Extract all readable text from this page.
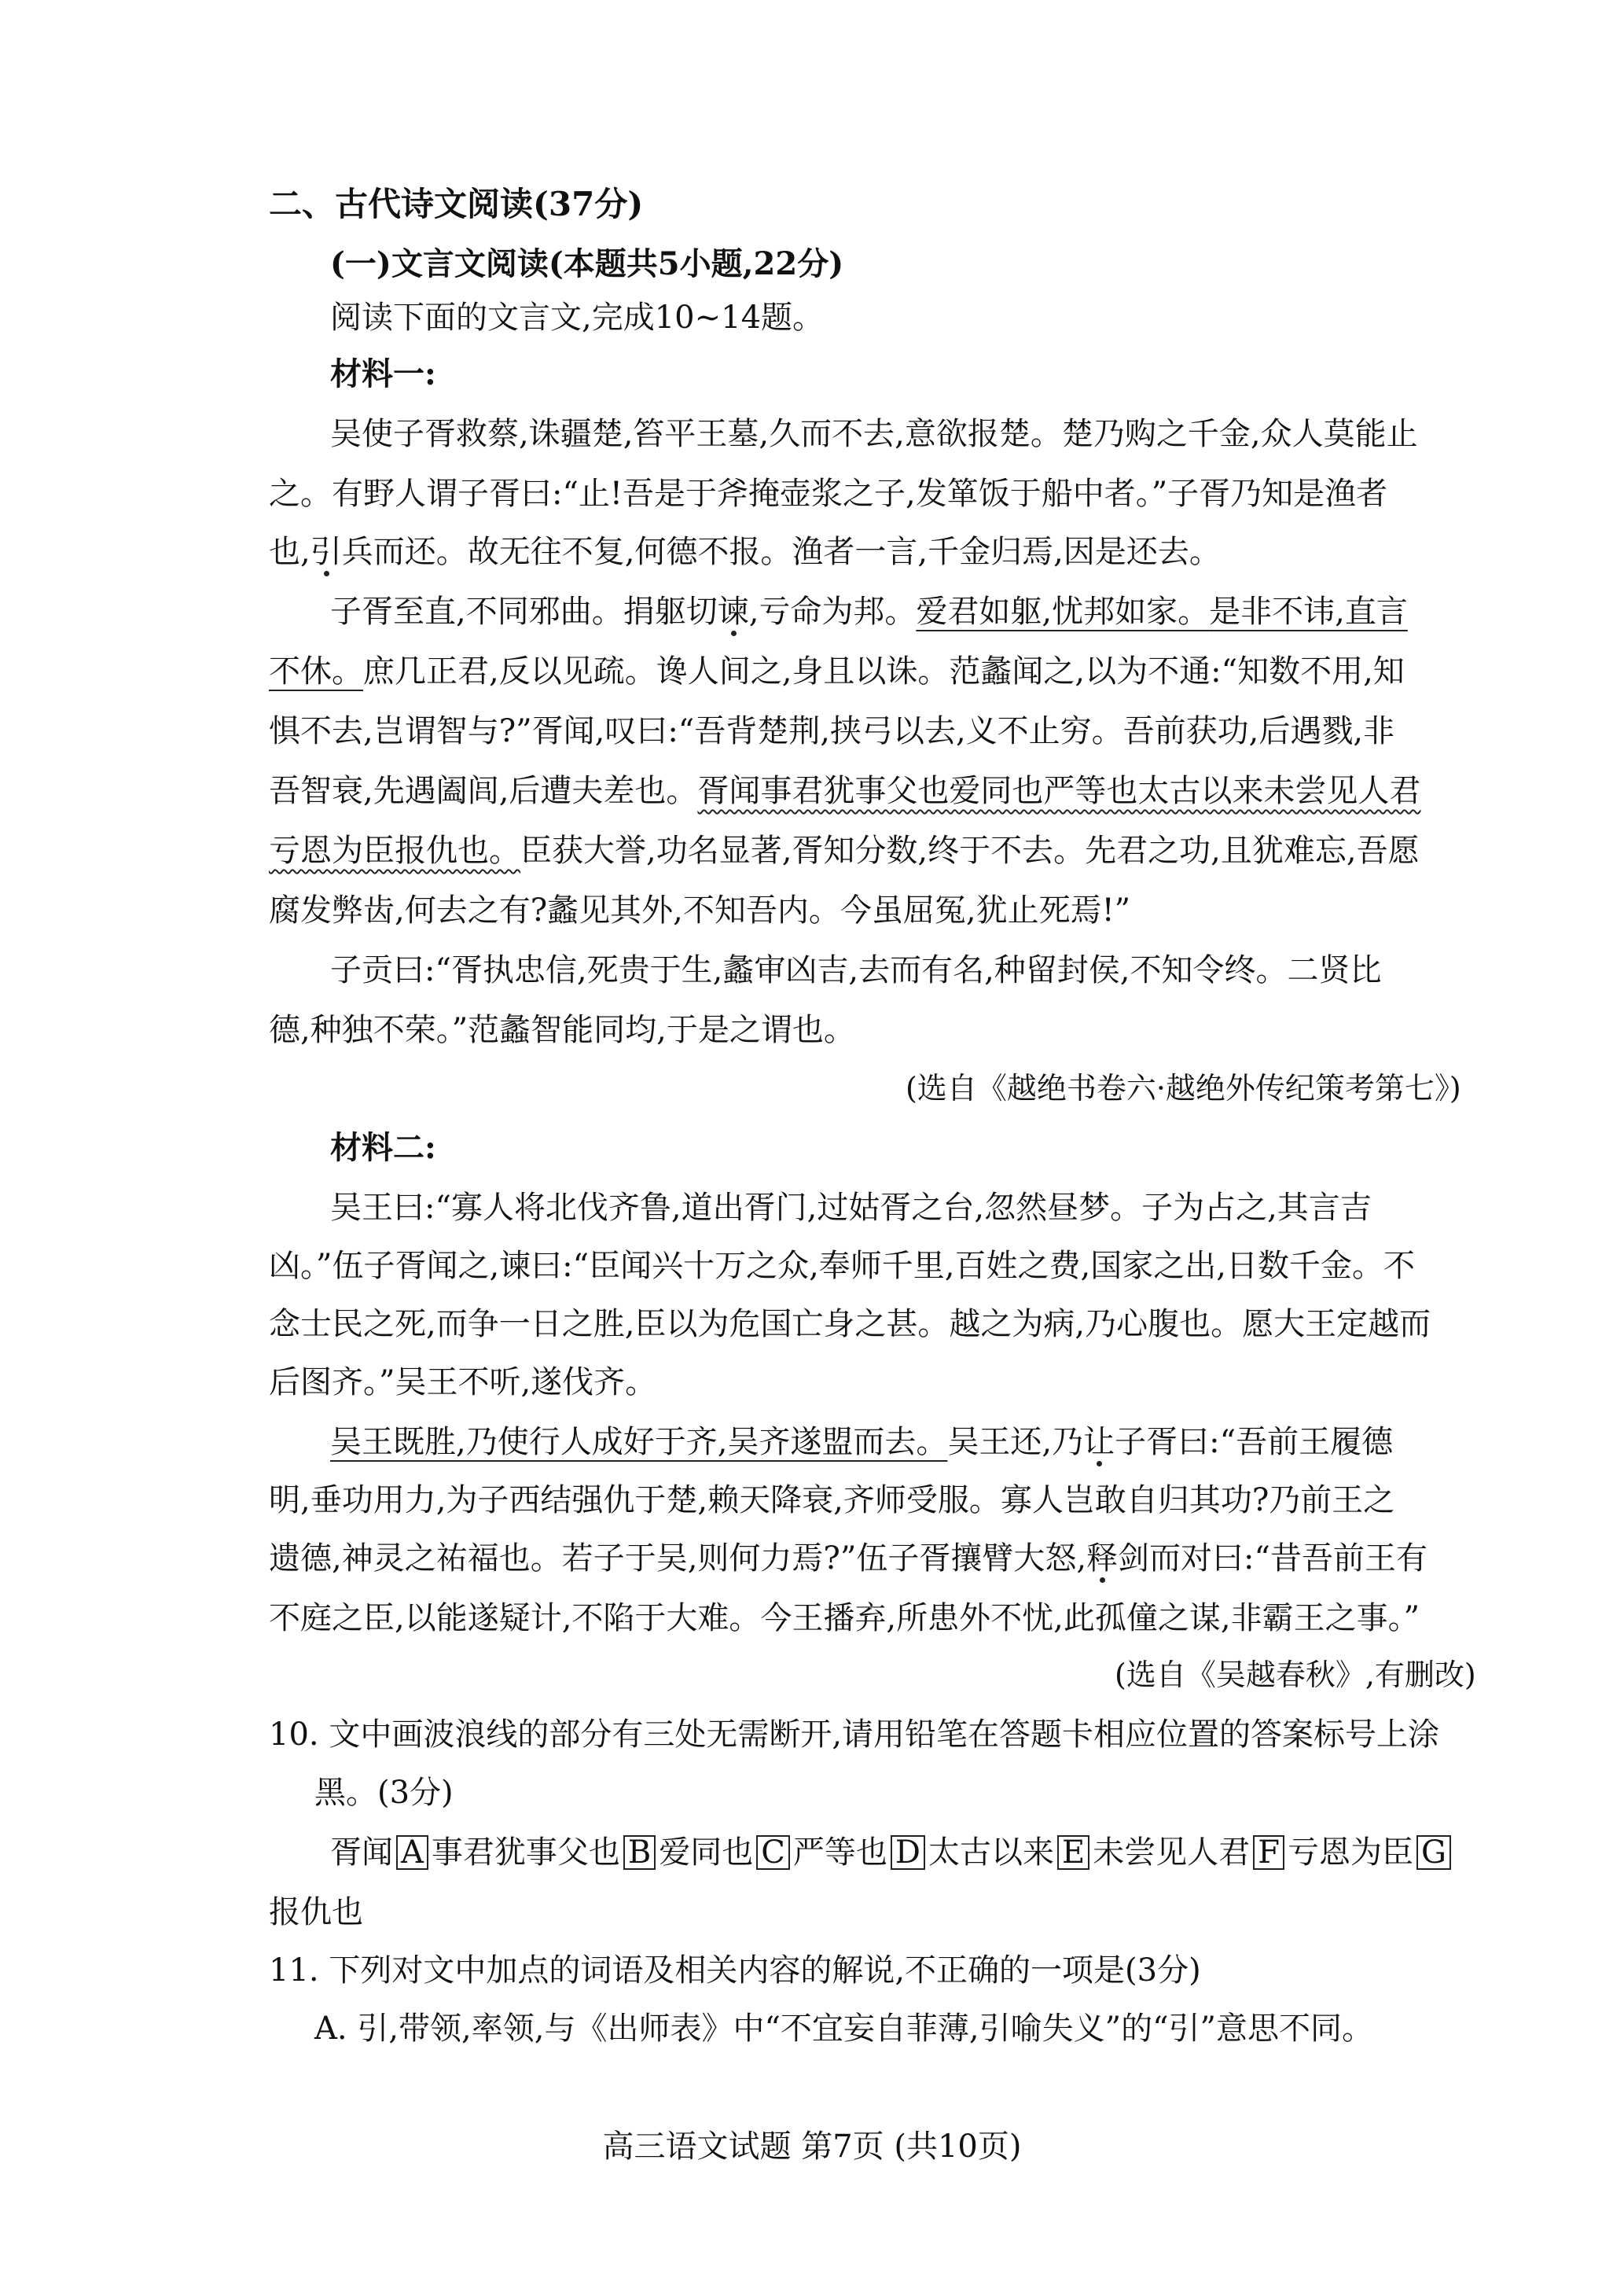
二、古代诗文阅读(37分)
(一)文言文阅读(本题共5小题,22分)
阅读下面的文言文,完成10~14题。
材料一:
吴使子胥救蔡,诛疆楚,笞平王墓,久而不去,意欲报楚。楚乃购之千金,众人莫能止
之。有野人谓子胥曰:“止!吾是于斧掩壶浆之子,发箪饭于船中者。”子胥乃知是渔者
也,引兵而还。故无往不复,何德不报。渔者一言,千金归焉,因是还去。
子胥至直,不同邪曲。捐躯切谏,亏命为邦。爱君如躯,忧邦如家。是非不讳,直言
不休。庶几正君,反以见疏。谗人间之,身且以诛。范蠡闻之,以为不通:“知数不用,知
惧不去,岂谓智与?”胥闻,叹曰:“吾背楚荆,挟弓以去,义不止穷。吾前获功,后遇戮,非
吾智衰,先遇阖闾,后遭夫差也。胥闻事君犹事父也爱同也严等也太古以来未尝见人君
亏恩为臣报仇也。臣获大誉,功名显著,胥知分数,终于不去。先君之功,且犹难忘,吾愿
腐发弊齿,何去之有?蠡见其外,不知吾内。今虽屈冤,犹止死焉!”
子贡曰:“胥执忠信,死贵于生,蠡审凶吉,去而有名,种留封侯,不知令终。二贤比
德,种独不荣。”范蠡智能同均,于是之谓也。
(选自《越绝书卷六·越绝外传纪策考第七》)
材料二:
吴王曰:“寡人将北伐齐鲁,道出胥门,过姑胥之台,忽然昼梦。子为占之,其言吉
凶。”伍子胥闻之,谏曰:“臣闻兴十万之众,奉师千里,百姓之费,国家之出,日数千金。不
念士民之死,而争一日之胜,臣以为危国亡身之甚。越之为病,乃心腹也。愿大王定越而
后图齐。”吴王不听,遂伐齐。
吴王既胜,乃使行人成好于齐,吴齐遂盟而去。吴王还,乃让子胥曰:“吾前王履德
明,垂功用力,为子西结强仇于楚,赖天降衰,齐师受服。寡人岂敢自归其功?乃前王之
遗德,神灵之祐福也。若子于吴,则何力焉?”伍子胥攘臂大怒,释剑而对曰:“昔吾前王有
不庭之臣,以能遂疑计,不陷于大难。今王播弃,所患外不忧,此孤僮之谋,非霸王之事。”
(选自《吴越春秋》,有删改)
10. 文中画波浪线的部分有三处无需断开,请用铅笔在答题卡相应位置的答案标号上涂
黑。(3分)
胥闻 A 事君犹事父也 B 爱同也 C 严等也 D 太古以来 E 未尝见人君 F 亏恩为臣 G
报仇也
11. 下列对文中加点的词语及相关内容的解说,不正确的一项是(3分)
A. 引,带领,率领,与《出师表》中“不宜妄自菲薄,引喻失义”的“引”意思不同。
高三语文试题 第7页 (共10页)
